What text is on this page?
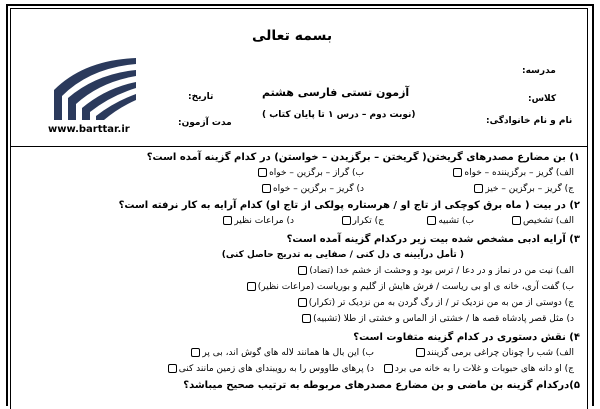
www.barttar.ir
بسمه تعالی
مدرسه:
کلاس:
نام و نام خانوادگی:
تاریخ:
مدت آزمون:
آزمون تستی فارسی هشتم
(نوبت دوم – درس ۱ تا پایان کتاب )
۱) بن مضارع مصدرهای گریختن( گریختن – برگزیدن – خواستن) در کدام گزینه آمده است؟
الف) گریز – برگزیننده – خواه
ب) گراز – برگزین – خواه
ج) گریز – برگزین – خیز
د) گریز – برگزین – خواه
۲) در بیت ( ماه برق کوچکی از تاج او / هرستاره پولکی از تاج او) کدام آرایه به کار نرفته است؟
الف) تشخیص
ب) تشبیه
ج) تکرار
د) مراعات نظیر
۳) آرایه ادبی مشخص شده بیت زیر درکدام گزینه آمده است؟
( تأمل درآیینه ی دل کنی / صفایی به تدریج حاصل کنی)
الف) نیت من در نماز و در دعا / ترس بود و وحشت از خشم خدا (تضاد)
ب) گفت آری، خانه ی او بی ریاست / فرش هایش از گلیم و بوریاست (مراعات نظیر)
ج) دوستی از من به من نزدیک تر / از رگ گردن به من نزدیک تر (تکرار)
د) مثل قصر پادشاه قصه ها / خشتی از الماس و خشتی از طلا (تشبیه)
۴) نقش دستوری در کدام گزینه متفاوت است؟
الف) شب را چونان چراغی برمی گزینند
ب) این بال ها همانند لاله های گوش اند، بی پر
ج) او دانه های حبوبات و غلات را به خانه می برد
د) پرهای طاووس را به رویبندای های زمین مانند کنی
۵)درکدام گزینه بن ماضی و بن مضارع مصدرهای مربوطه به ترتیب صحیح میباشد؟
